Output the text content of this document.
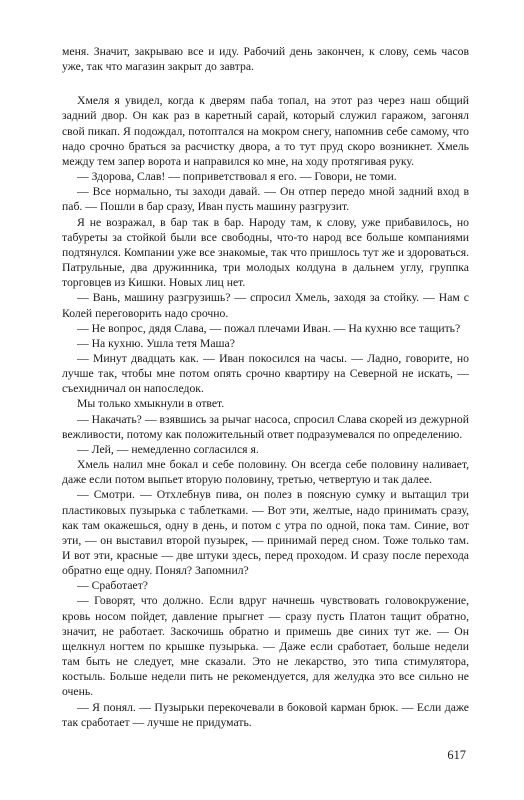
меня. Значит, закрываю все и иду. Рабочий день закончен, к слову, семь часов уже, так что магазин закрыт до завтра.

Хмеля я увидел, когда к дверям паба топал, на этот раз через наш общий задний двор. Он как раз в каретный сарай, который служил гаражом, загонял свой пикап. Я подождал, потоптался на мокром снегу, напомнив себе самому, что надо срочно браться за расчистку двора, а то тут пруд скоро возникнет. Хмель между тем запер ворота и направился ко мне, на ходу протягивая руку.

— Здорова, Слав! — поприветствовал я его. — Говори, не томи.

— Все нормально, ты заходи давай. — Он отпер передо мной задний вход в паб. — Пошли в бар сразу, Иван пусть машину разгрузит.

Я не возражал, в бар так в бар. Народу там, к слову, уже прибавилось, но табуреты за стойкой были все свободны, что-то народ все больше компаниями подтянулся. Компании уже все знакомые, так что пришлось тут же и здороваться. Патрульные, два дружинника, три молодых колдуна в дальнем углу, группка торговцев из Кишки. Новых лиц нет.

— Вань, машину разгрузишь? — спросил Хмель, заходя за стойку. — Нам с Колей переговорить надо срочно.

— Не вопрос, дядя Слава, — пожал плечами Иван. — На кухню все тащить?

— На кухню. Ушла тетя Маша?

— Минут двадцать как. — Иван покосился на часы. — Ладно, говорите, но лучше так, чтобы мне потом опять срочно квартиру на Северной не искать, — съехидничал он напоследок.

Мы только хмыкнули в ответ.

— Накачать? — взявшись за рычаг насоса, спросил Слава скорей из дежурной вежливости, потому как положительный ответ подразумевался по определению.

— Лей, — немедленно согласился я.

Хмель налил мне бокал и себе половину. Он всегда себе половину наливает, даже если потом выпьет вторую половину, третью, четвертую и так далее.

— Смотри. — Отхлебнув пива, он полез в поясную сумку и вытащил три пластиковых пузырька с таблетками. — Вот эти, желтые, надо принимать сразу, как там окажешься, одну в день, и потом с утра по одной, пока там. Синие, вот эти, — он выставил второй пузырек, — принимай перед сном. Тоже только там. И вот эти, красные — две штуки здесь, перед проходом. И сразу после перехода обратно еще одну. Понял? Запомнил?

— Сработает?

— Говорят, что должно. Если вдруг начнешь чувствовать головокружение, кровь носом пойдет, давление прыгнет — сразу пусть Платон тащит обратно, значит, не работает. Заскочишь обратно и примешь две синих тут же. — Он щелкнул ногтем по крышке пузырька. — Даже если сработает, больше недели там быть не следует, мне сказали. Это не лекарство, это типа стимулятора, костыль. Больше недели пить не рекомендуется, для желудка это все сильно не очень.

— Я понял. — Пузырьки перекочевали в боковой карман брюк. — Если даже так сработает — лучше не придумать.

617
